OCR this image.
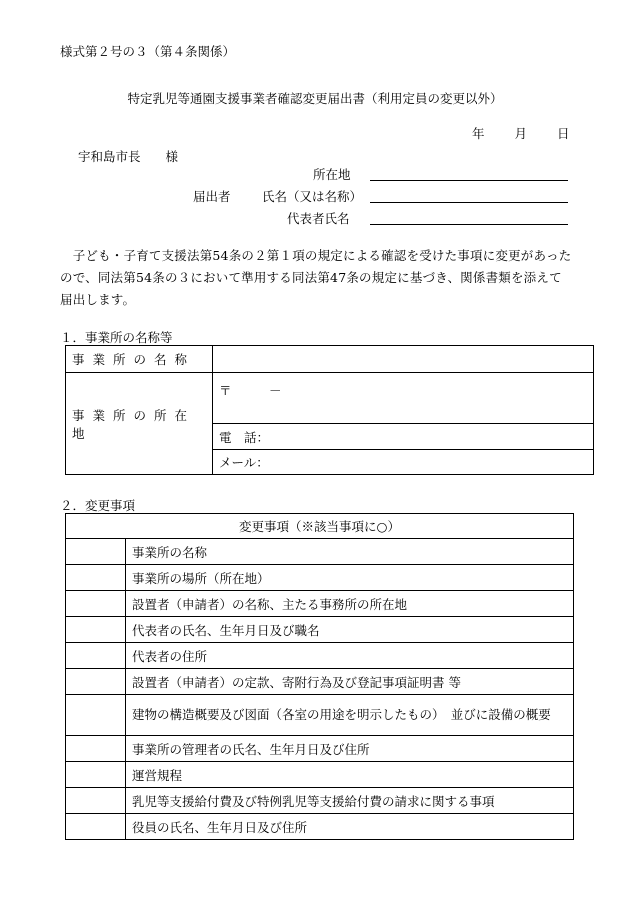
様式第２号の３（第４条関係）
特定乳児等通園支援事業者確認変更届出書（利用定員の変更以外）
年 月 日
宇和島市長　　様
所在地
届出者	氏名（又は名称）
代表者氏名
　子ども・子育て支援法第54条の２第１項の規定による確認を受けた事項に変更があったので、同法第54条の３において準用する同法第47条の規定に基づき、関係書類を添えて届出します。
１．事業所の名称等
事業所の名称	
事業所の所在地	〒　　　－
	電　話：
	メール：
２．変更事項
変更事項（※該当事項に○）	
	事業所の名称
	事業所の場所（所在地）
	設置者（申請者）の名称、主たる事務所の所在地
	代表者の氏名、生年月日及び職名
	代表者の住所
	設置者（申請者）の定款、寄附行為及び登記事項証明書 等
	建物の構造概要及び図面（各室の用途を明示したもの）　並びに設備の概要
	事業所の管理者の氏名、生年月日及び住所
	運営規程
	乳児等支援給付費及び特例乳児等支援給付費の請求に関する事項
	役員の氏名、生年月日及び住所
